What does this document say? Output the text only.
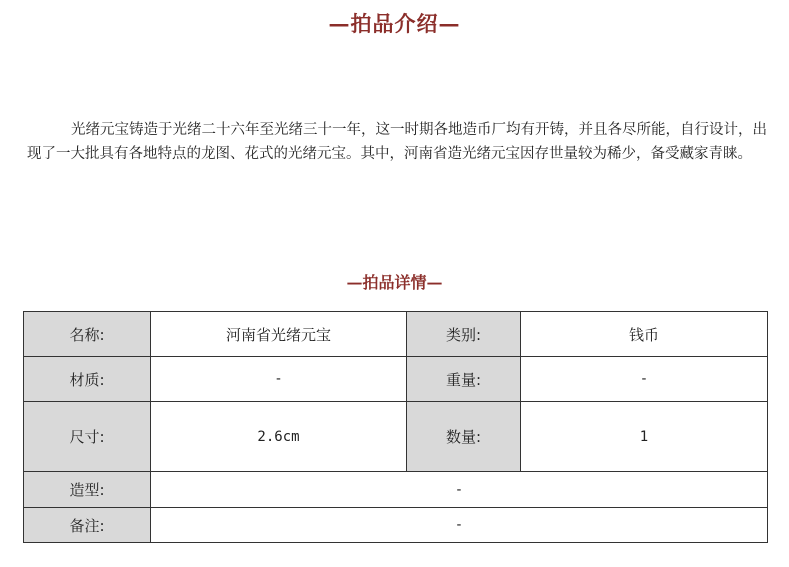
—拍品介绍—

光绪元宝铸造于光绪二十六年至光绪三十一年，这一时期各地造币厂均有开铸，并且各尽所能，自行设计，出现了一大批具有各地特点的龙图、花式的光绪元宝。其中，河南省造光绪元宝因存世量较为稀少，备受藏家青睐。

—拍品详情—
名称:	河南省光绪元宝	类别:	钱币
材质:	-	重量:	-
尺寸:	2.6cm	数量:	1
造型:	-		
备注:	-		
